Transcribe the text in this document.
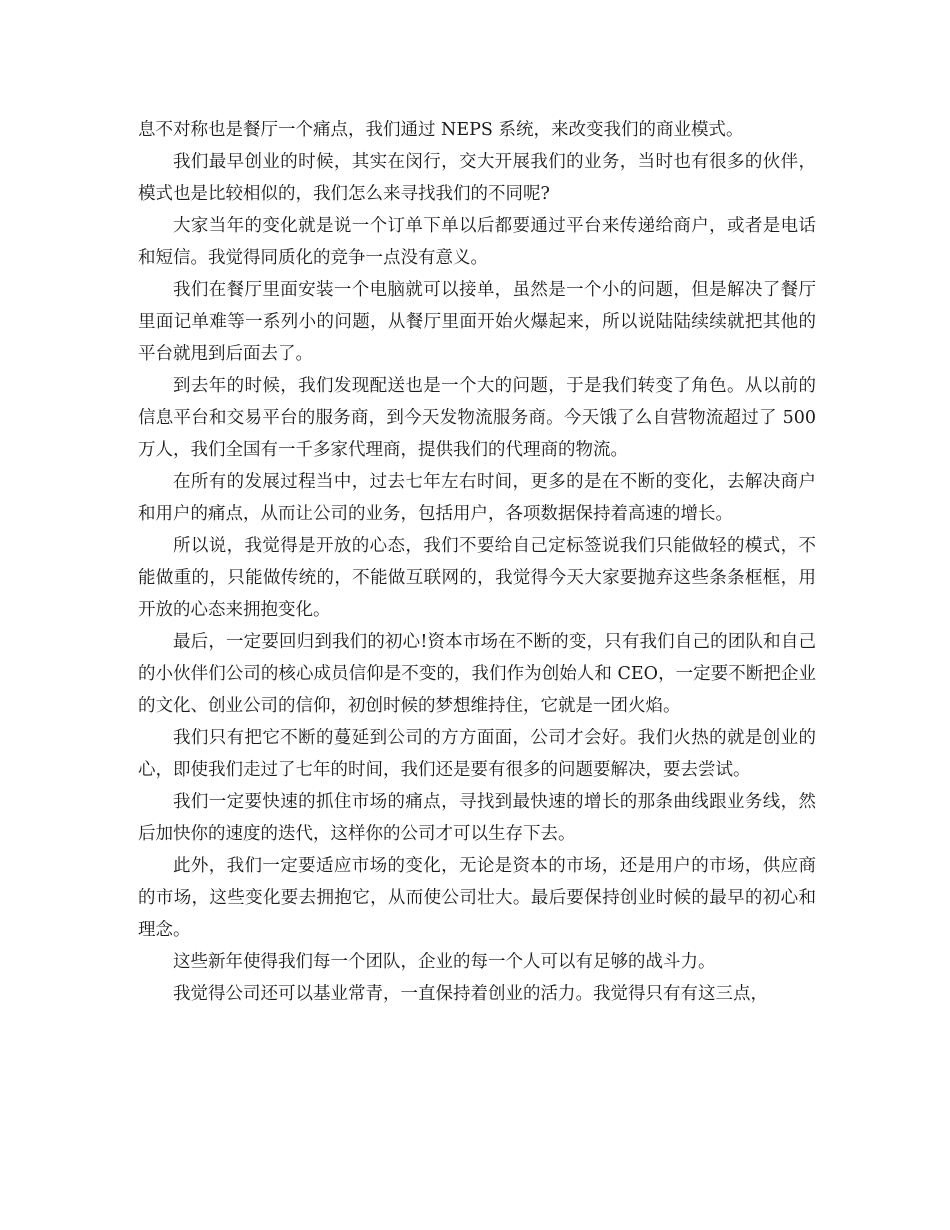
息不对称也是餐厅一个痛点，我们通过 NEPS 系统，来改变我们的商业模式。

我们最早创业的时候，其实在闵行，交大开展我们的业务，当时也有很多的伙伴，模式也是比较相似的，我们怎么来寻找我们的不同呢?

大家当年的变化就是说一个订单下单以后都要通过平台来传递给商户，或者是电话和短信。我觉得同质化的竞争一点没有意义。

我们在餐厅里面安装一个电脑就可以接单，虽然是一个小的问题，但是解决了餐厅里面记单难等一系列小的问题，从餐厅里面开始火爆起来，所以说陆陆续续就把其他的平台就甩到后面去了。

到去年的时候，我们发现配送也是一个大的问题，于是我们转变了角色。从以前的信息平台和交易平台的服务商，到今天发物流服务商。今天饿了么自营物流超过了 500 万人，我们全国有一千多家代理商，提供我们的代理商的物流。

在所有的发展过程当中，过去七年左右时间，更多的是在不断的变化，去解决商户和用户的痛点，从而让公司的业务，包括用户，各项数据保持着高速的增长。

所以说，我觉得是开放的心态，我们不要给自己定标签说我们只能做轻的模式，不能做重的，只能做传统的，不能做互联网的，我觉得今天大家要抛弃这些条条框框，用开放的心态来拥抱变化。

最后，一定要回归到我们的初心!资本市场在不断的变，只有我们自己的团队和自己的小伙伴们公司的核心成员信仰是不变的，我们作为创始人和 CEO，一定要不断把企业的文化、创业公司的信仰，初创时候的梦想维持住，它就是一团火焰。

我们只有把它不断的蔓延到公司的方方面面，公司才会好。我们火热的就是创业的心，即使我们走过了七年的时间，我们还是要有很多的问题要解决，要去尝试。

我们一定要快速的抓住市场的痛点，寻找到最快速的增长的那条曲线跟业务线，然后加快你的速度的迭代，这样你的公司才可以生存下去。

此外，我们一定要适应市场的变化，无论是资本的市场，还是用户的市场，供应商的市场，这些变化要去拥抱它，从而使公司壮大。最后要保持创业时候的最早的初心和理念。

这些新年使得我们每一个团队，企业的每一个人可以有足够的战斗力。

我觉得公司还可以基业常青，一直保持着创业的活力。我觉得只有有这三点，
